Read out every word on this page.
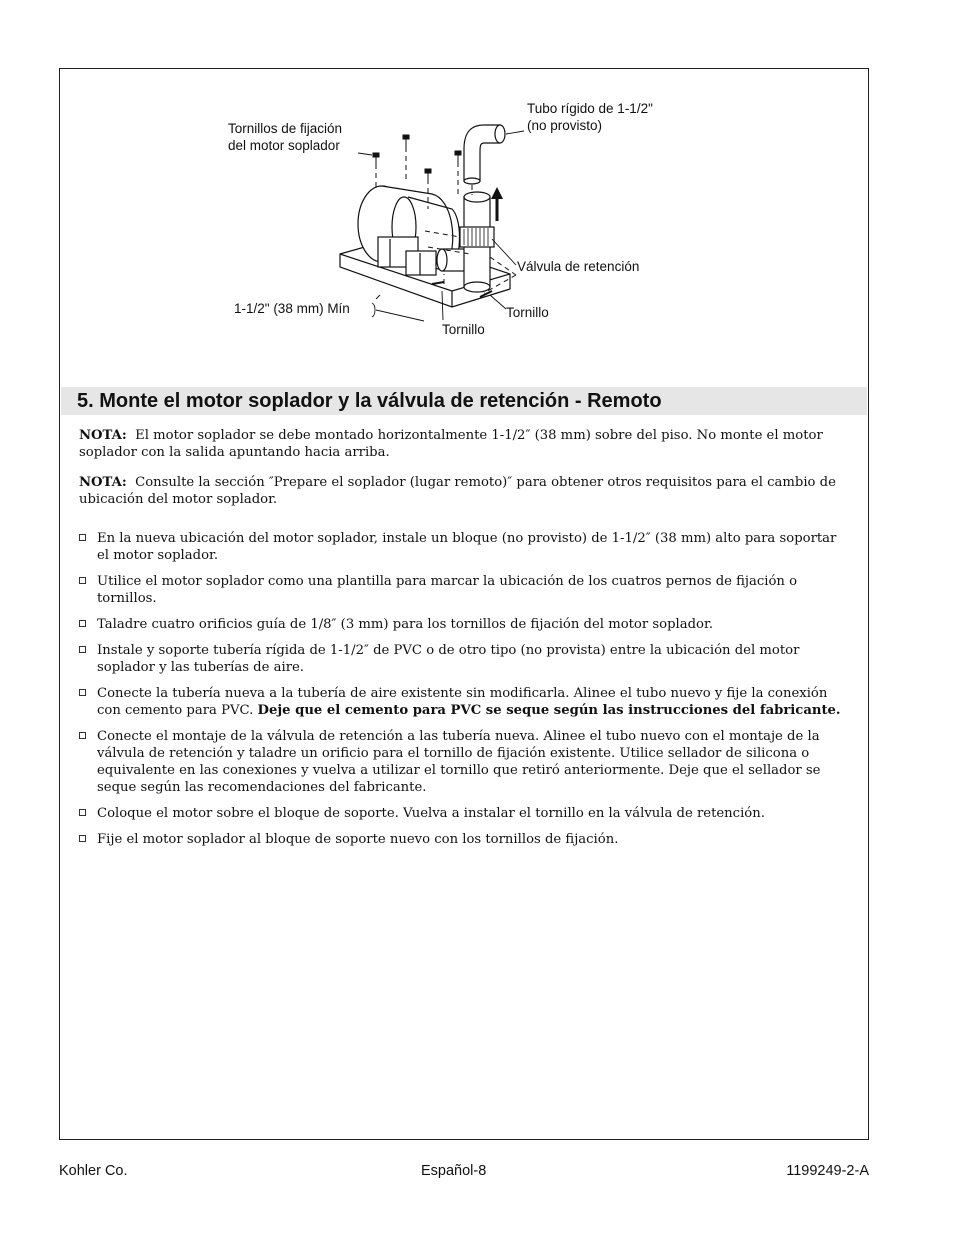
Tornillos de fijación
del motor soplador
Tubo rígido de 1-1/2"
(no provisto)
Válvula de retención
Tornillo
Tornillo
1-1/2" (38 mm) Mín
5. Monte el motor soplador y la válvula de retención - Remoto

NOTA: El motor soplador se debe montado horizontalmente 1-1/2″ (38 mm) sobre del piso. No monte el motor soplador con la salida apuntando hacia arriba.

NOTA: Consulte la sección ″Prepare el soplador (lugar remoto)″ para obtener otros requisitos para el cambio de ubicación del motor soplador.

En la nueva ubicación del motor soplador, instale un bloque (no provisto) de 1-1/2″ (38 mm) alto para soportar el motor soplador.
Utilice el motor soplador como una plantilla para marcar la ubicación de los cuatros pernos de fijación o tornillos.
Taladre cuatro orificios guía de 1/8″ (3 mm) para los tornillos de fijación del motor soplador.
Instale y soporte tubería rígida de 1-1/2″ de PVC o de otro tipo (no provista) entre la ubicación del motor soplador y las tuberías de aire.
Conecte la tubería nueva a la tubería de aire existente sin modificarla. Alinee el tubo nuevo y fije la conexión con cemento para PVC. Deje que el cemento para PVC se seque según las instrucciones del fabricante.
Conecte el montaje de la válvula de retención a las tubería nueva. Alinee el tubo nuevo con el montaje de la válvula de retención y taladre un orificio para el tornillo de fijación existente. Utilice sellador de silicona o equivalente en las conexiones y vuelva a utilizar el tornillo que retiró anteriormente. Deje que el sellador se seque según las recomendaciones del fabricante.
Coloque el motor sobre el bloque de soporte. Vuelva a instalar el tornillo en la válvula de retención.
Fije el motor soplador al bloque de soporte nuevo con los tornillos de fijación.
Kohler Co.	Español-8	1199249-2-A
